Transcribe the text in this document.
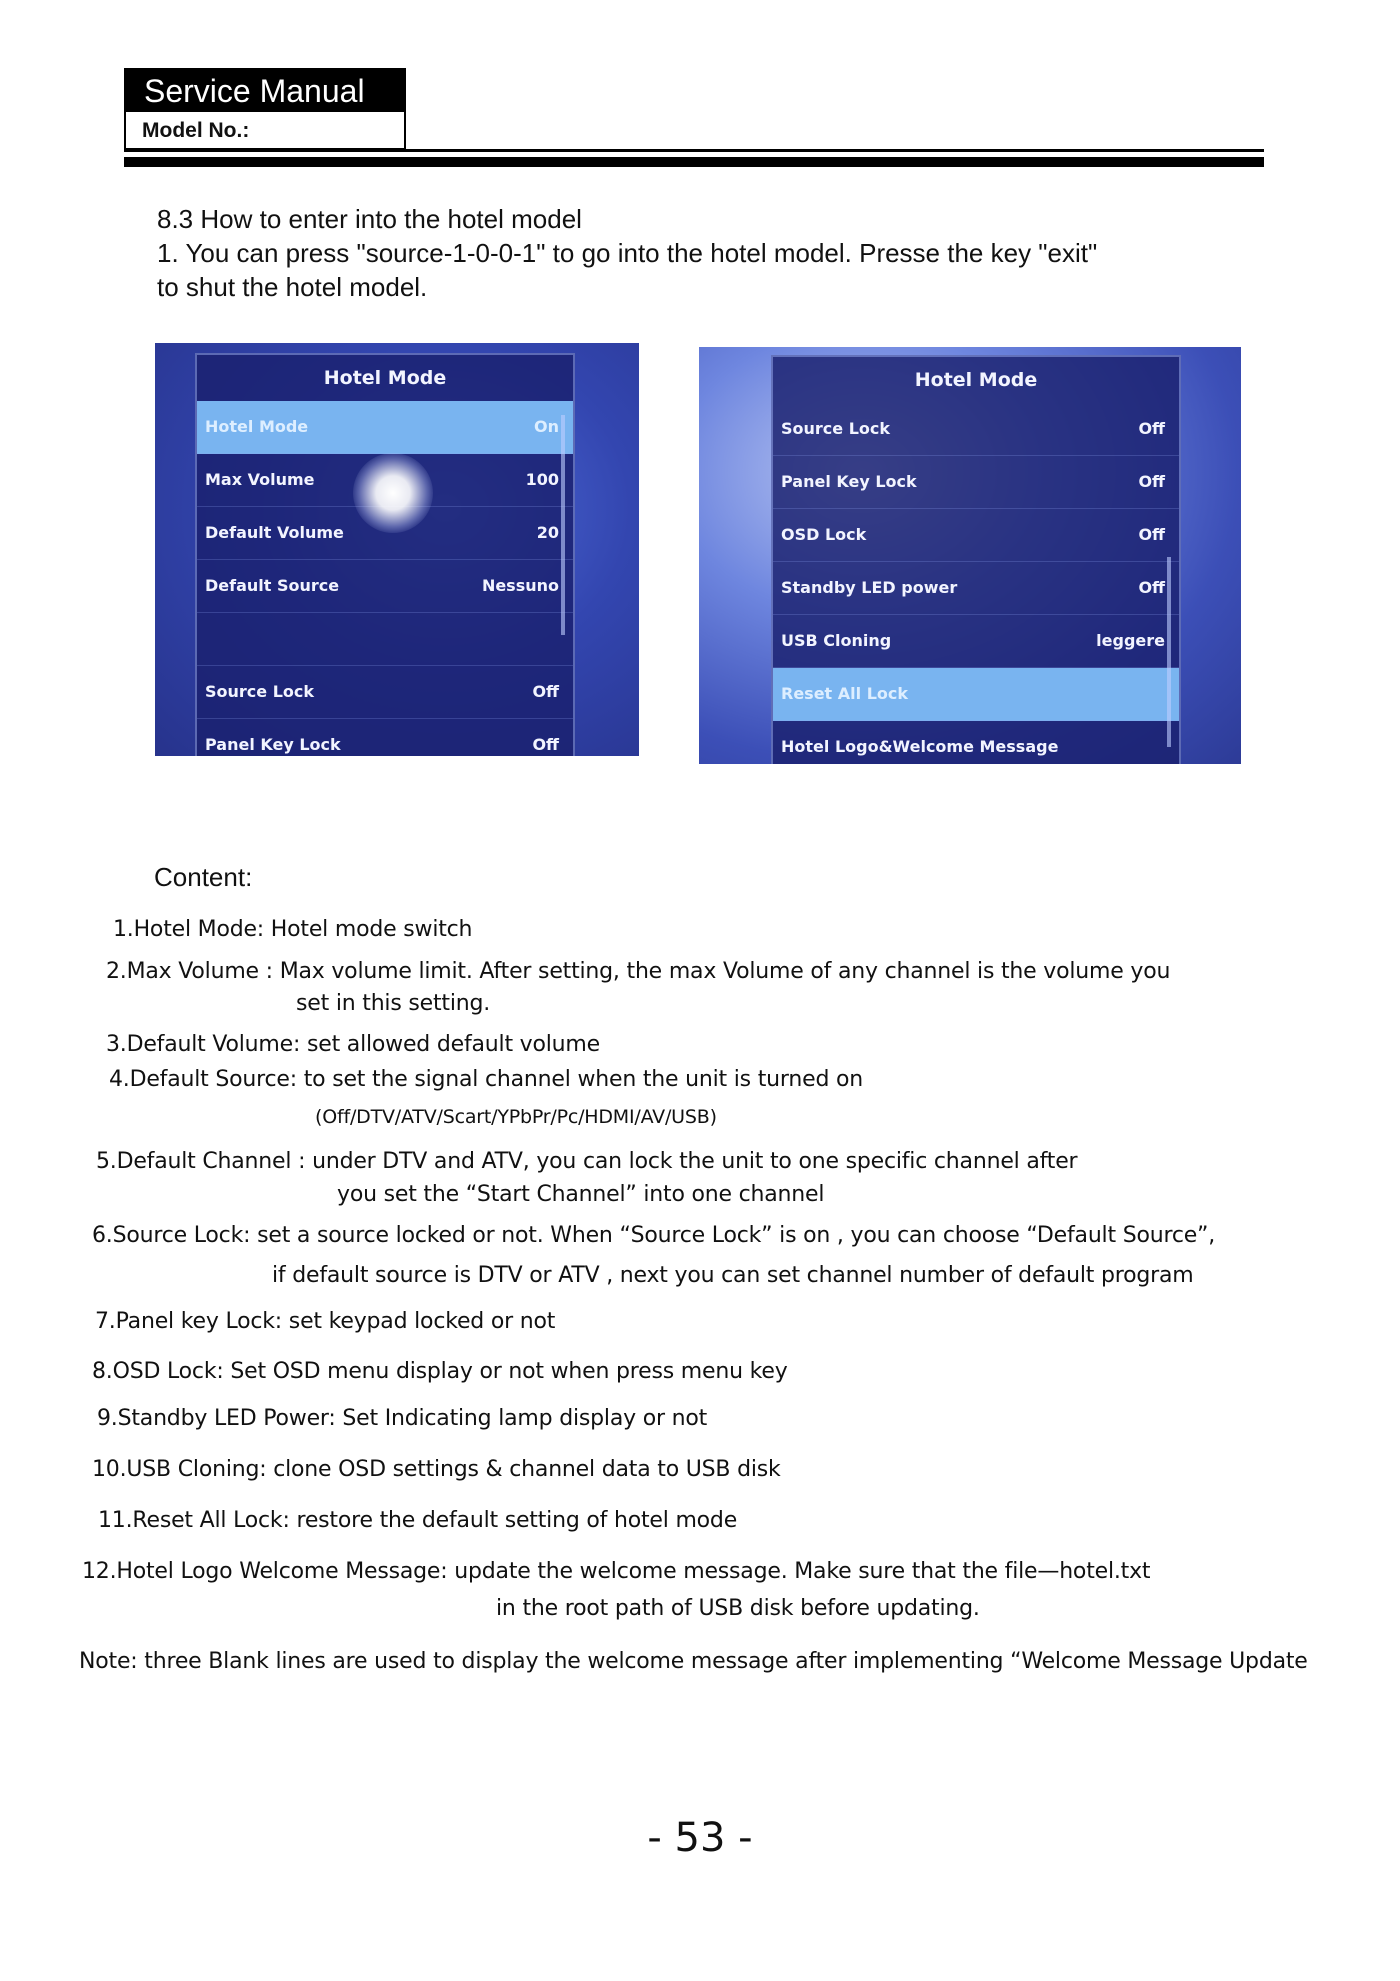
Service Manual
Model No.:
8.3 How to enter into the hotel model
1. You can press "source-1-0-0-1" to go into the hotel model. Presse the key "exit"
to shut the hotel model.
Hotel Mode
Hotel Mode	On
Max Volume	100
Default Volume	20
Default Source	Nessuno
Source Lock	Off
Panel Key Lock	Off
Hotel Mode
Source Lock	Off
Panel Key Lock	Off
OSD Lock	Off
Standby LED power	Off
USB Cloning	leggere
Reset All Lock
Hotel Logo&Welcome Message
Content:
1.Hotel Mode: Hotel mode switch
2.Max Volume : Max volume limit. After setting, the max Volume of any channel is the volume you
set in this setting.
3.Default Volume: set allowed default volume
4.Default Source: to set the signal channel when the unit is turned on
(Off/DTV/ATV/Scart/YPbPr/Pc/HDMI/AV/USB)
5.Default Channel : under DTV and ATV, you can lock the unit to one specific channel after
you set the “Start Channel” into one channel
6.Source Lock: set a source locked or not. When “Source Lock” is on , you can choose “Default Source”,
if default source is DTV or ATV , next you can set channel number of default program
7.Panel key Lock: set keypad locked or not
8.OSD Lock: Set OSD menu display or not when press menu key
9.Standby LED Power: Set Indicating lamp display or not
10.USB Cloning: clone OSD settings & channel data to USB disk
11.Reset All Lock: restore the default setting of hotel mode
12.Hotel Logo Welcome Message: update the welcome message. Make sure that the file—hotel.txt
in the root path of USB disk before updating.
Note: three Blank lines are used to display the welcome message after implementing “Welcome Message Update
- 53 -
